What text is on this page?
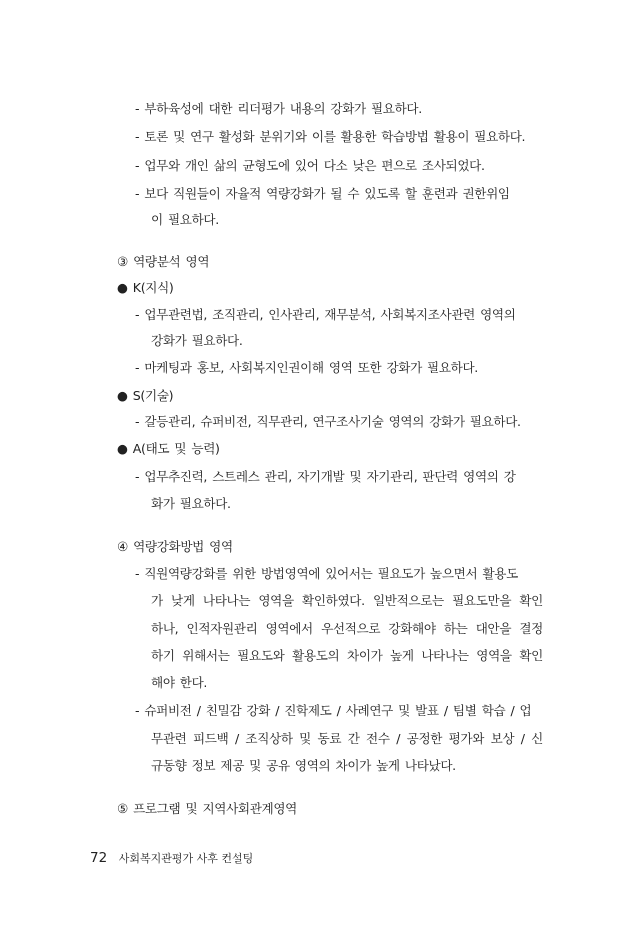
- 부하육성에 대한 리더평가 내용의 강화가 필요하다.
- 토론 및 연구 활성화 분위기와 이를 활용한 학습방법 활용이 필요하다.
- 업무와 개인 삶의 균형도에 있어 다소 낮은 편으로 조사되었다.
- 보다 직원들이 자율적 역량강화가 될 수 있도록 할 훈련과 권한위임
이 필요하다.
③ 역량분석 영역
● K(지식)
- 업무관련법, 조직관리, 인사관리, 재무분석, 사회복지조사관련 영역의
강화가 필요하다.
- 마케팅과 홍보, 사회복지인권이해 영역 또한 강화가 필요하다.
● S(기술)
- 갈등관리, 슈퍼비전, 직무관리, 연구조사기술 영역의 강화가 필요하다.
● A(태도 및 능력)
- 업무추진력, 스트레스 관리, 자기개발 및 자기관리, 판단력 영역의 강
화가 필요하다.
④ 역량강화방법 영역
- 직원역량강화를 위한 방법영역에 있어서는 필요도가 높으면서 활용도
가 낮게 나타나는 영역을 확인하였다. 일반적으로는 필요도만을 확인
하나, 인적자원관리 영역에서 우선적으로 강화해야 하는 대안을 결정
하기 위해서는 필요도와 활용도의 차이가 높게 나타나는 영역을 확인
해야 한다.
- 슈퍼비전 / 친밀감 강화 / 진학제도 / 사례연구 및 발표 / 팀별 학습 / 업
무관련 피드백 / 조직상하 및 동료 간 전수 / 공정한 평가와 보상 / 신
규동향 정보 제공 및 공유 영역의 차이가 높게 나타났다.
⑤ 프로그램 및 지역사회관계영역
72 사회복지관평가 사후 컨설팅
